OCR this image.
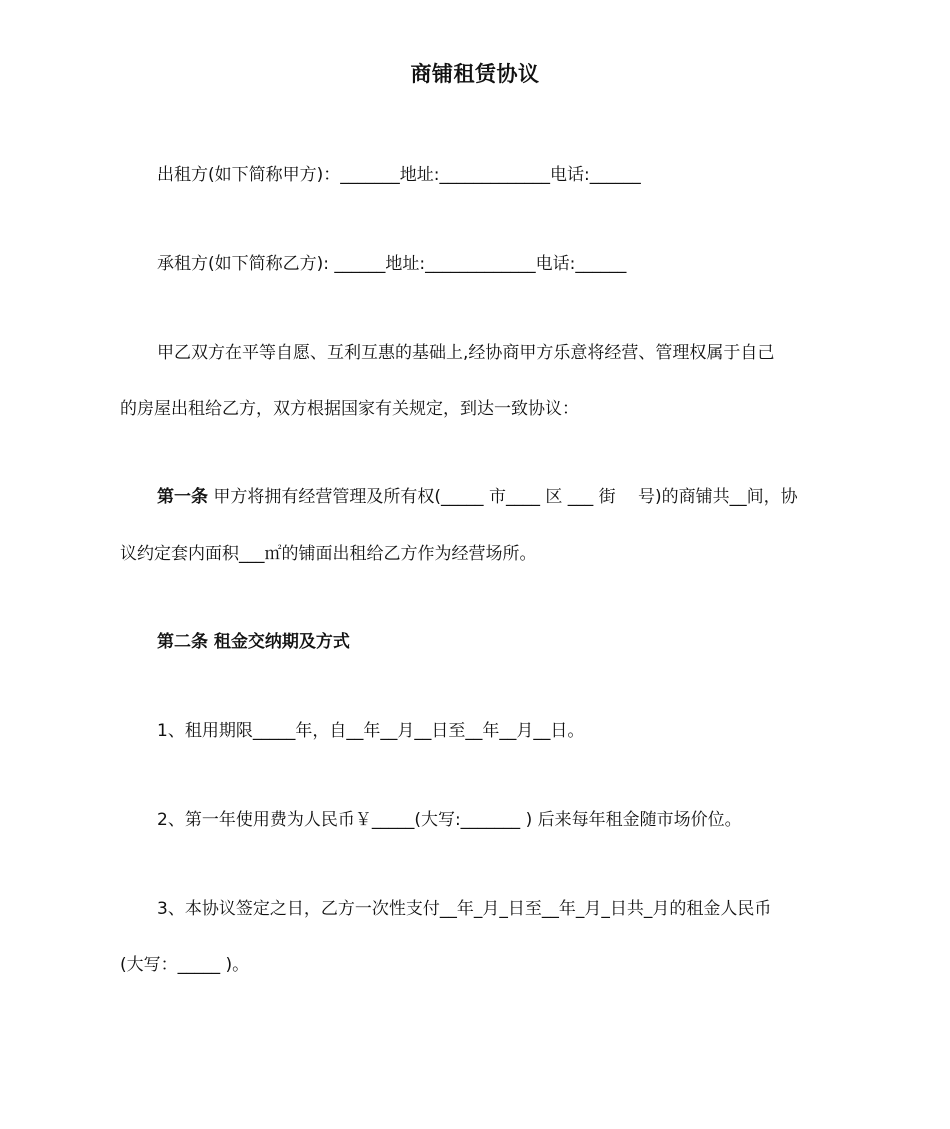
商铺租赁协议
出租方(如下简称甲方)：_______地址:_____________电话:______
承租方(如下简称乙方): ______地址:_____________电话:______
甲乙双方在平等自愿、互利互惠的基础上,经协商甲方乐意将经营、管理权属于自己
的房屋出租给乙方，双方根据国家有关规定，到达一致协议：
第一条 甲方将拥有经营管理及所有权(_____ 市____ 区 ___ 街　 号)的商铺共__间，协
议约定套内面积___㎡的铺面出租给乙方作为经营场所。
第二条 租金交纳期及方式
1、租用期限_____年，自__年__月__日至__年__月__日。
2、第一年使用费为人民币￥_____(大写:_______ ) 后来每年租金随市场价位。
3、本协议签定之日，乙方一次性支付__年_月_日至__年_月_日共_月的租金人民币
(大写：_____ )。
